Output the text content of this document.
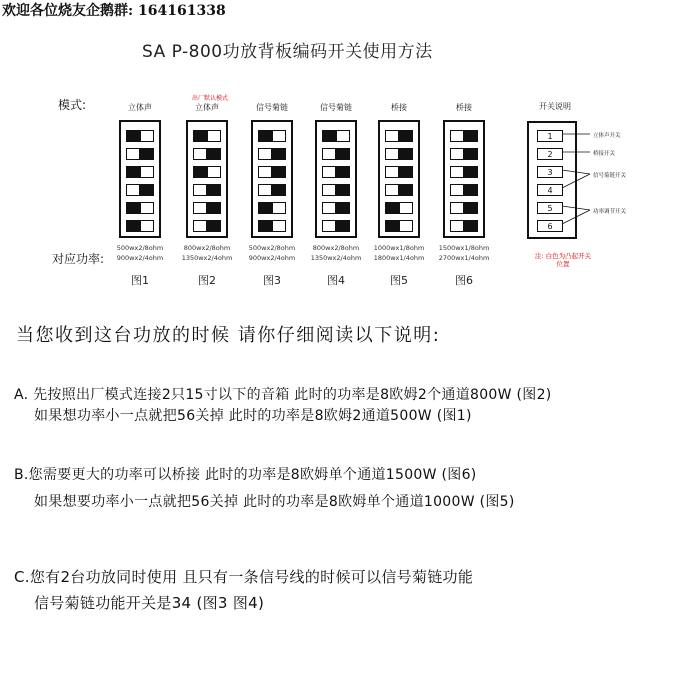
欢迎各位烧友企鹅群: 164161338
SA P-800功放背板编码开关使用方法
模式:
对应功率:
出厂默认模式
立体声
500wx2/8ohm
900wx2/4ohm
图1
立体声
800wx2/8ohm
1350wx2/4ohm
图2
信号菊链
500wx2/8ohm
900wx2/4ohm
图3
信号菊链
800wx2/8ohm
1350wx2/4ohm
图4
桥接
1000wx1/8ohm
1800wx1/4ohm
图5
桥接
1500wx1/8ohm
2700wx1/4ohm
图6
开关说明
1
2
3
4
5
6
立体声开关
桥接开关
信号菊链开关
功率调节开关
注: 白色为凸起开关位置
当您收到这台功放的时候 请你仔细阅读以下说明:
A. 先按照出厂模式连接2只15寸以下的音箱 此时的功率是8欧姆2个通道800W (图2)
如果想功率小一点就把56关掉 此时的功率是8欧姆2通道500W (图1)
B.您需要更大的功率可以桥接 此时的功率是8欧姆单个通道1500W (图6)
如果想要功率小一点就把56关掉 此时的功率是8欧姆单个通道1000W (图5)
C.您有2台功放同时使用 且只有一条信号线的时候可以信号菊链功能
信号菊链功能开关是34 (图3 图4)
